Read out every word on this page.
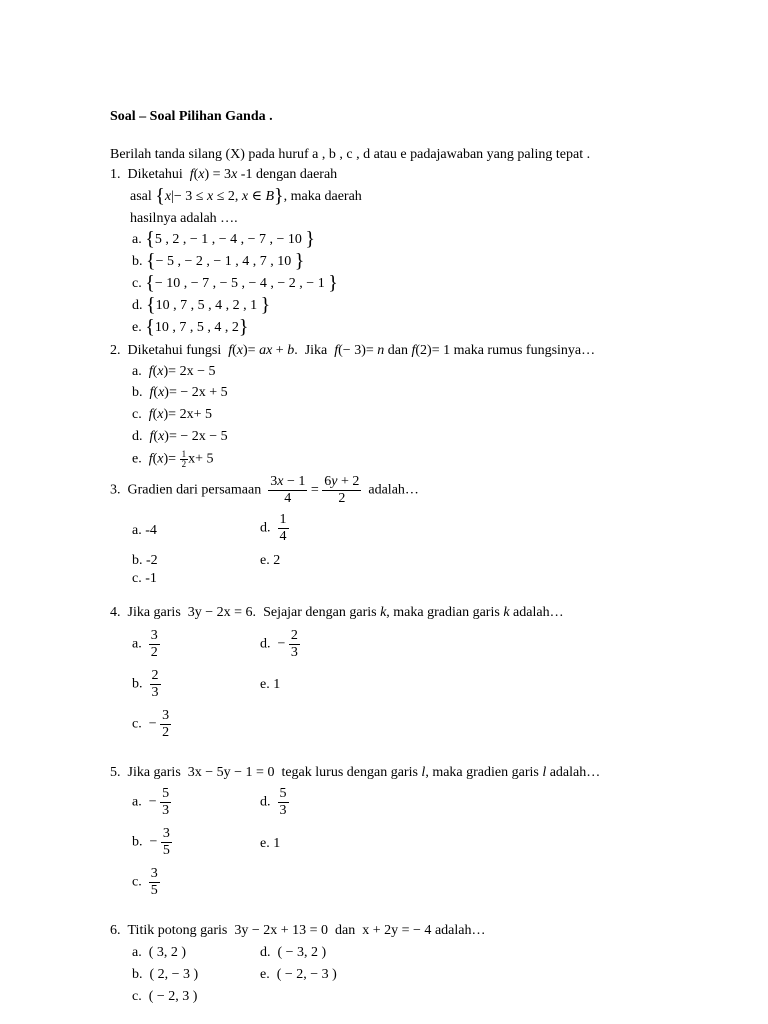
Soal – Soal Pilihan Ganda .
Berilah tanda silang (X) pada huruf a , b , c , d atau e padajawaban yang paling tepat .
1. Diketahui f(x) = 3x -1 dengan daerah
asal {x|− 3 ≤ x ≤ 2, x ∈ B}, maka daerah
hasilnya adalah ….
a. {5 , 2 , − 1 , − 4 , − 7 , − 10 }
b. {− 5 , − 2 , − 1 , 4 , 7 , 10 }
c. {− 10 , − 7 , − 5 , − 4 , − 2 , − 1 }
d. {10 , 7 , 5 , 4 , 2 , 1 }
e. {10 , 7 , 5 , 4 , 2}
2. Diketahui fungsi f(x)= ax + b.  Jika f(− 3)= n dan f(2)= 1 maka rumus fungsinya…
a.  f(x)= 2x − 5
b.  f(x)= − 2x + 5
c.  f(x)= 2x+ 5
d.  f(x)= − 2x − 5
e.  $f(x)= \frac{1}{2} x+ 5$
3. Gradien dari persamaan $\frac{3x - 1}{4} = \frac{6y + 2}{2}$ adalah…
a. -4	d. $\frac{1}{4}$
b. -2	e. 2
c. -1
4. Jika garis 3y − 2x = 6. Sejajar dengan garis k, maka gradian garis k adalah…
a. $\frac{3}{2}$	d.  − $\frac{2}{3}$
b. $\frac{2}{3}$	e. 1
c.  − $\frac{3}{2}$
5. Jika garis 3x − 5y − 1 = 0 tegak lurus dengan garis l, maka gradien garis l adalah…
a.  − $\frac{5}{3}$	d. $\frac{5}{3}$
b.  − $\frac{3}{5}$	e. 1
c. $\frac{3}{5}$
6. Titik potong garis 3y − 2x + 13 = 0 dan x + 2y = − 4 adalah…
a.  ( 3, 2 )	d.  ( − 3, 2 )
b.  ( 2, − 3 )	e.  ( − 2, − 3 )
c.  ( − 2, 3 )
